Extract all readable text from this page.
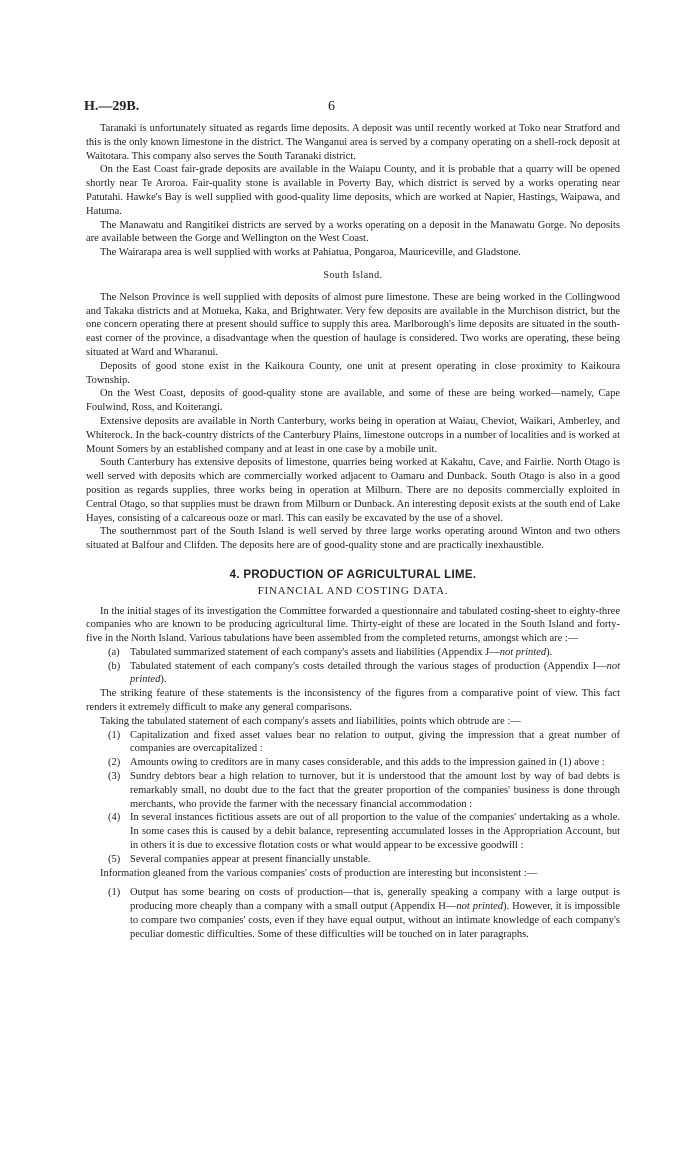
H.—29B.	6

Taranaki is unfortunately situated as regards lime deposits. A deposit was until recently worked at Toko near Stratford and this is the only known limestone in the district. The Wanganui area is served by a company operating on a shell-rock deposit at Waitotara. This company also serves the South Taranaki district.

On the East Coast fair-grade deposits are available in the Waiapu County, and it is probable that a quarry will be opened shortly near Te Aroroa. Fair-quality stone is available in Poverty Bay, which district is served by a works operating near Patutahi. Hawke's Bay is well supplied with good-quality lime deposits, which are worked at Napier, Hastings, Waipawa, and Hatuma.

The Manawatu and Rangitikei districts are served by a works operating on a deposit in the Manawatu Gorge. No deposits are available between the Gorge and Wellington on the West Coast.

The Wairarapa area is well supplied with works at Pahiatua, Pongaroa, Mauriceville, and Gladstone.

South Island.

The Nelson Province is well supplied with deposits of almost pure limestone. These are being worked in the Collingwood and Takaka districts and at Motueka, Kaka, and Brightwater. Very few deposits are available in the Murchison district, but the one concern operating there at present should suffice to supply this area. Marlborough's lime deposits are situated in the south-east corner of the province, a disadvantage when the question of haulage is considered. Two works are operating, these being situated at Ward and Wharanui.

Deposits of good stone exist in the Kaikoura County, one unit at present operating in close proximity to Kaikoura Township.

On the West Coast, deposits of good-quality stone are available, and some of these are being worked—namely, Cape Foulwind, Ross, and Koiterangi.

Extensive deposits are available in North Canterbury, works being in operation at Waiau, Cheviot, Waikari, Amberley, and Whiterock. In the back-country districts of the Canterbury Plains, limestone outcrops in a number of localities and is worked at Mount Somers by an established company and at least in one case by a mobile unit.

South Canterbury has extensive deposits of limestone, quarries being worked at Kakahu, Cave, and Fairlie. North Otago is well served with deposits which are commercially worked adjacent to Oamaru and Dunback. South Otago is also in a good position as regards supplies, three works being in operation at Milburn. There are no deposits commercially exploited in Central Otago, so that supplies must be drawn from Milburn or Dunback. An interesting deposit exists at the south end of Lake Hayes, consisting of a calcareous ooze or marl. This can easily be excavated by the use of a shovel.

The southernmost part of the South Island is well served by three large works operating around Winton and two others situated at Balfour and Clifden. The deposits here are of good-quality stone and are practically inexhaustible.

4. PRODUCTION OF AGRICULTURAL LIME.
FINANCIAL AND COSTING DATA.

In the initial stages of its investigation the Committee forwarded a questionnaire and tabulated costing-sheet to eighty-three companies who are known to be producing agricultural lime. Thirty-eight of these are located in the South Island and forty-five in the North Island. Various tabulations have been assembled from the completed returns, amongst which are :—

(a) Tabulated summarized statement of each company's assets and liabilities (Appendix J—not printed).
(b) Tabulated statement of each company's costs detailed through the various stages of production (Appendix I—not printed).

The striking feature of these statements is the inconsistency of the figures from a comparative point of view. This fact renders it extremely difficult to make any general comparisons.

Taking the tabulated statement of each company's assets and liabilities, points which obtrude are :—

(1) Capitalization and fixed asset values bear no relation to output, giving the impression that a great number of companies are overcapitalized :
(2) Amounts owing to creditors are in many cases considerable, and this adds to the impression gained in (1) above :
(3) Sundry debtors bear a high relation to turnover, but it is understood that the amount lost by way of bad debts is remarkably small, no doubt due to the fact that the greater proportion of the companies' business is done through merchants, who provide the farmer with the necessary financial accommodation :
(4) In several instances fictitious assets are out of all proportion to the value of the companies' undertaking as a whole. In some cases this is caused by a debit balance, representing accumulated losses in the Appropriation Account, but in others it is due to excessive flotation costs or what would appear to be excessive goodwill :
(5) Several companies appear at present financially unstable.

Information gleaned from the various companies' costs of production are interesting but inconsistent :—

(1) Output has some bearing on costs of production—that is, generally speaking a company with a large output is producing more cheaply than a company with a small output (Appendix H—not printed). However, it is impossible to compare two companies' costs, even if they have equal output, without an intimate knowledge of each company's peculiar domestic difficulties. Some of these difficulties will be touched on in later paragraphs.
